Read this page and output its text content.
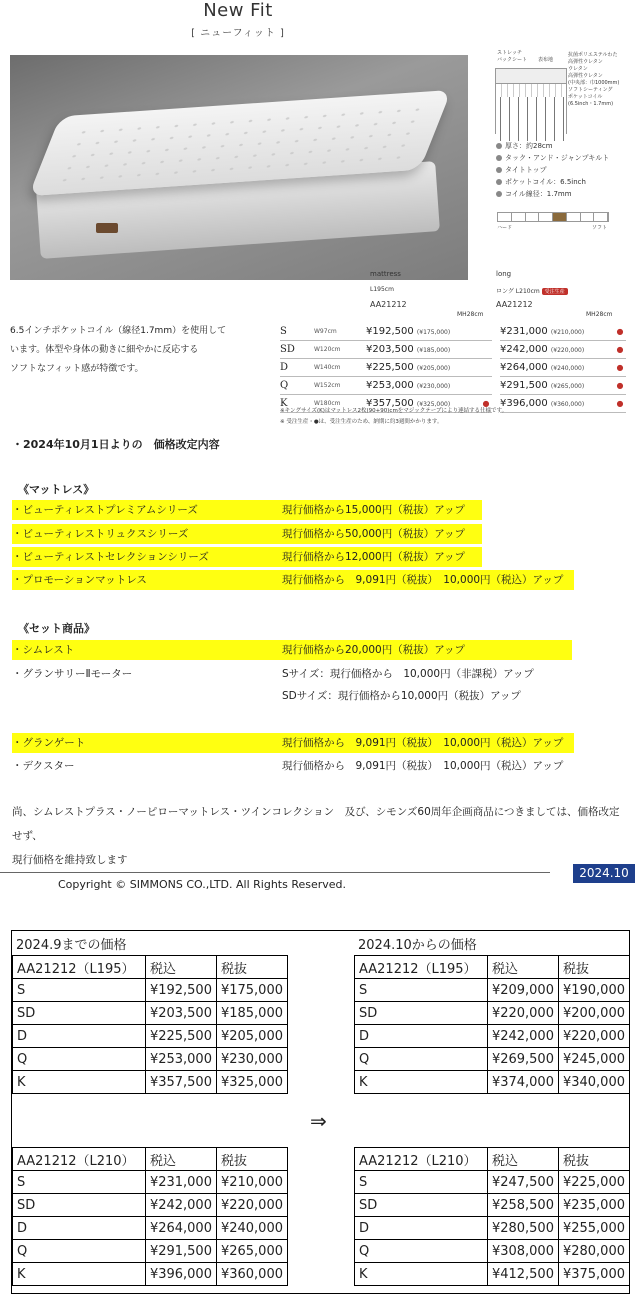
New Fit
[ ニューフィット ]
ストレッチ
バックシート 表布地
抗菌ポリエステルわた
高弾性ウレタン
ウレタン
高弾性ウレタン
(中央部：巾1000mm)
ソフトシーティング
ポケットコイル
(6.5inch・1.7mm)
厚さ：約28cm
タック・アンド・ジャンプキルト
タイトトップ
ポケットコイル：6.5inch
コイル線径：1.7mm
ハード	ソフト
mattress	long
L195cm	ロング L210cm 受注生産
AA21212	AA21212
MH28cm	MH28cm
6.5インチポケットコイル（線径1.7mm）を使用して
います。体型や身体の動きに細やかに反応する
ソフトなフィット感が特徴です。
S	W97cm	¥192,500 (¥175,000)			¥231,000 (¥210,000)	●
SD	W120cm	¥203,500 (¥185,000)			¥242,000 (¥220,000)	●
D	W140cm	¥225,500 (¥205,000)			¥264,000 (¥240,000)	●
Q	W152cm	¥253,000 (¥230,000)			¥291,500 (¥265,000)	●
K	W180cm	¥357,500 (¥325,000)	●		¥396,000 (¥360,000)	●
※キングサイズ(K)はマットレス2枚(90+90)cmをマジックテープにより連結する仕様です。
※ 受注生産・●は、受注生産のため、納期に約3週間かかります。
・2024年10月1日よりの　価格改定内容
《マットレス》
・ビューティレストプレミアムシリーズ	現行価格から15,000円（税抜）アップ
・ビューティレストリュクスシリーズ	現行価格から50,000円（税抜）アップ
・ビューティレストセレクションシリーズ	現行価格から12,000円（税抜）アップ
・プロモーションマットレス	現行価格から　9,091円（税抜）　10,000円（税込）アップ
《セット商品》
・シムレスト	現行価格から20,000円（税抜）アップ
・グランサリーⅡモーター	Sサイズ：現行価格から　10,000円（非課税）アップ
SDサイズ：現行価格から10,000円（税抜）アップ
・グランゲート	現行価格から　9,091円（税抜）　10,000円（税込）アップ
・デクスター	現行価格から　9,091円（税抜）　10,000円（税込）アップ
尚、シムレストプラス・ノーピローマットレス・ツインコレクション　及び、シモンズ60周年企画商品につきましては、価格改定せず、
現行価格を維持致します
2024.10
Copyright © SIMMONS CO.,LTD. All Rights Reserved.
2024.9までの価格	2024.10からの価格
AA21212（L195）	税込	税抜
S	¥192,500	¥175,000
SD	¥203,500	¥185,000
D	¥225,500	¥205,000
Q	¥253,000	¥230,000
K	¥357,500	¥325,000
AA21212（L195）	税込	税抜
S	¥209,000	¥190,000
SD	¥220,000	¥200,000
D	¥242,000	¥220,000
Q	¥269,500	¥245,000
K	¥374,000	¥340,000
⇒
AA21212（L210）	税込	税抜
S	¥231,000	¥210,000
SD	¥242,000	¥220,000
D	¥264,000	¥240,000
Q	¥291,500	¥265,000
K	¥396,000	¥360,000
AA21212（L210）	税込	税抜
S	¥247,500	¥225,000
SD	¥258,500	¥235,000
D	¥280,500	¥255,000
Q	¥308,000	¥280,000
K	¥412,500	¥375,000
